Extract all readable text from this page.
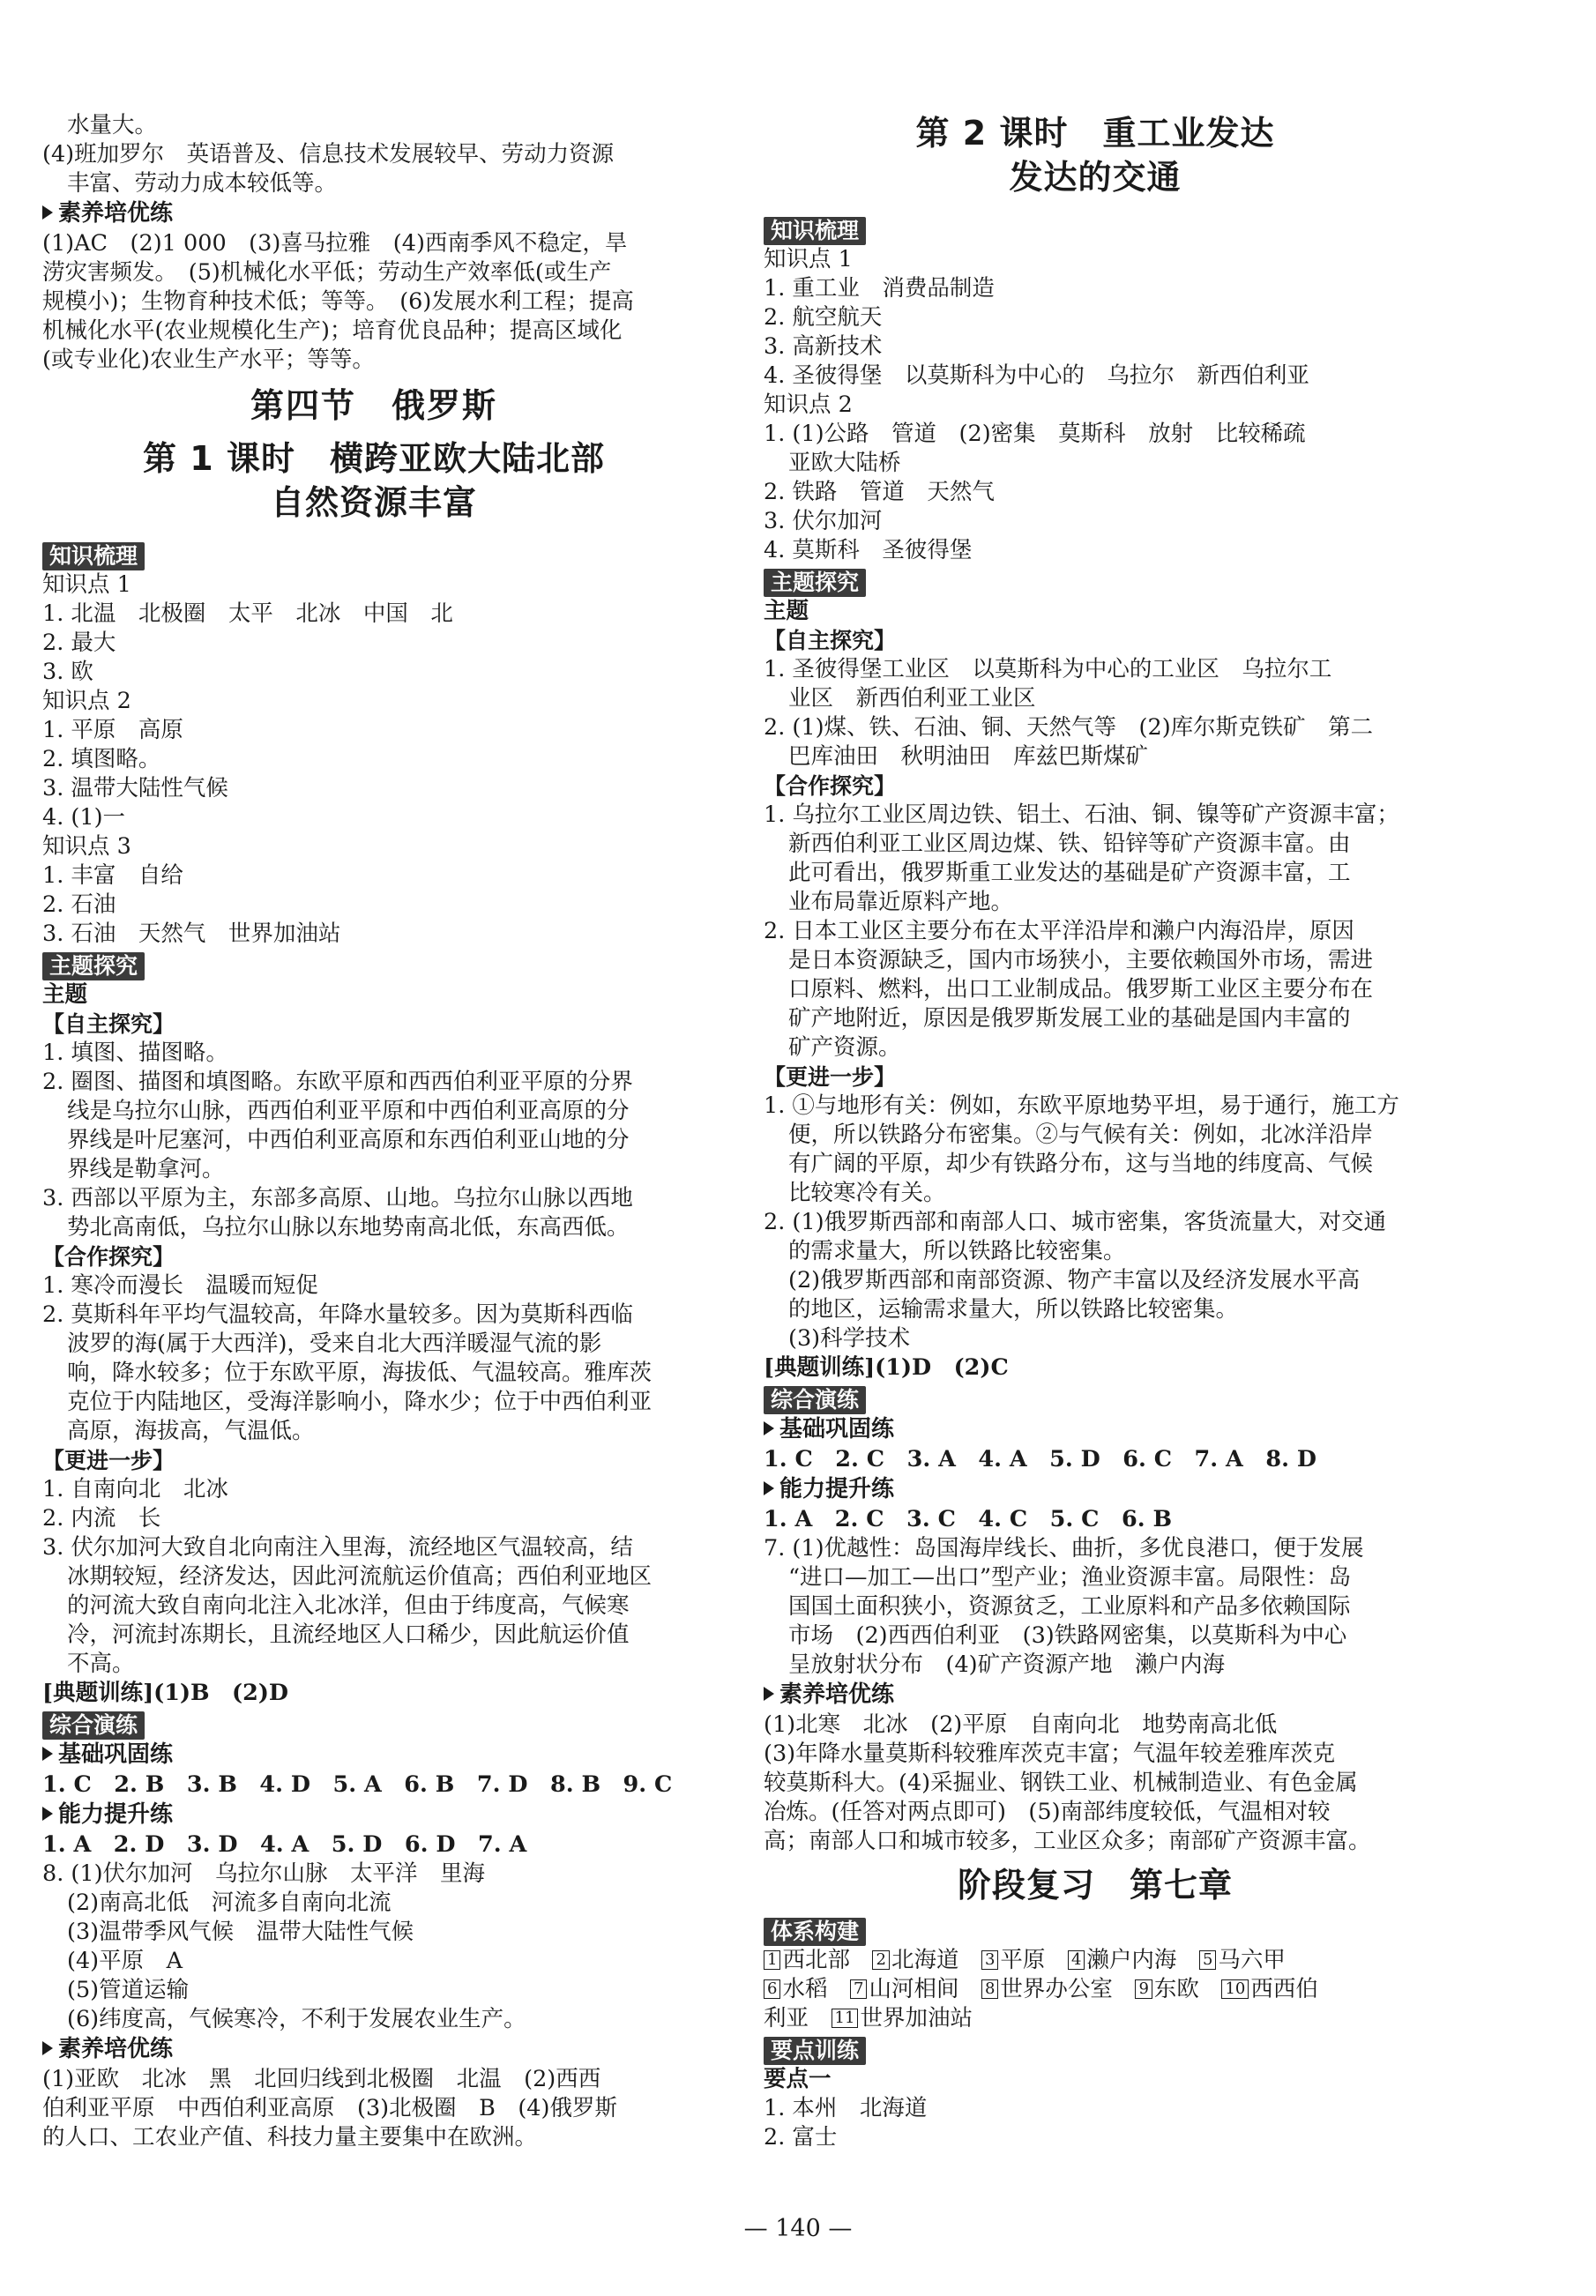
水量大。
(4)班加罗尔　英语普及、信息技术发展较早、劳动力资源
丰富、劳动力成本较低等。
素养培优练
(1)AC　(2)1 000　(3)喜马拉雅　(4)西南季风不稳定，旱
涝灾害频发。　(5)机械化水平低；劳动生产效率低(或生产
规模小)；生物育种技术低；等等。　(6)发展水利工程；提高
机械化水平(农业规模化生产)；培育优良品种；提高区域化
(或专业化)农业生产水平；等等。
第四节　俄罗斯
第 1 课时　横跨亚欧大陆北部
自然资源丰富
知识梳理
知识点 1
1. 北温　北极圈　太平　北冰　中国　北
2. 最大
3. 欧
知识点 2
1. 平原　高原
2. 填图略。
3. 温带大陆性气候
4. (1)一
知识点 3
1. 丰富　自给
2. 石油
3. 石油　天然气　世界加油站
主题探究
主题
【自主探究】
1. 填图、描图略。
2. 圈图、描图和填图略。东欧平原和西西伯利亚平原的分界
线是乌拉尔山脉，西西伯利亚平原和中西伯利亚高原的分
界线是叶尼塞河，中西伯利亚高原和东西伯利亚山地的分
界线是勒拿河。
3. 西部以平原为主，东部多高原、山地。乌拉尔山脉以西地
势北高南低，乌拉尔山脉以东地势南高北低，东高西低。
【合作探究】
1. 寒冷而漫长　温暖而短促
2. 莫斯科年平均气温较高，年降水量较多。因为莫斯科西临
波罗的海(属于大西洋)，受来自北大西洋暖湿气流的影
响，降水较多；位于东欧平原，海拔低、气温较高。雅库茨
克位于内陆地区，受海洋影响小，降水少；位于中西伯利亚
高原，海拔高，气温低。
【更进一步】
1. 自南向北　北冰
2. 内流　长
3. 伏尔加河大致自北向南注入里海，流经地区气温较高，结
冰期较短，经济发达，因此河流航运价值高；西伯利亚地区
的河流大致自南向北注入北冰洋，但由于纬度高，气候寒
冷，河流封冻期长，且流经地区人口稀少，因此航运价值
不高。
[典题训练](1)B　(2)D
综合演练
基础巩固练
1. C　2. B　3. B　4. D　5. A　6. B　7. D　8. B　9. C
能力提升练
1. A　2. D　3. D　4. A　5. D　6. D　7. A
8. (1)伏尔加河　乌拉尔山脉　太平洋　里海
(2)南高北低　河流多自南向北流
(3)温带季风气候　温带大陆性气候
(4)平原　A
(5)管道运输
(6)纬度高，气候寒冷，不利于发展农业生产。
素养培优练
(1)亚欧　北冰　黑　北回归线到北极圈　北温　(2)西西
伯利亚平原　中西伯利亚高原　(3)北极圈　B　(4)俄罗斯
的人口、工农业产值、科技力量主要集中在欧洲。
第 2 课时　重工业发达
发达的交通
知识梳理
知识点 1
1. 重工业　消费品制造
2. 航空航天
3. 高新技术
4. 圣彼得堡　以莫斯科为中心的　乌拉尔　新西伯利亚
知识点 2
1. (1)公路　管道　(2)密集　莫斯科　放射　比较稀疏
亚欧大陆桥
2. 铁路　管道　天然气
3. 伏尔加河
4. 莫斯科　圣彼得堡
主题探究
主题
【自主探究】
1. 圣彼得堡工业区　以莫斯科为中心的工业区　乌拉尔工
业区　新西伯利亚工业区
2. (1)煤、铁、石油、铜、天然气等　(2)库尔斯克铁矿　第二
巴库油田　秋明油田　库兹巴斯煤矿
【合作探究】
1. 乌拉尔工业区周边铁、铝土、石油、铜、镍等矿产资源丰富；
新西伯利亚工业区周边煤、铁、铅锌等矿产资源丰富。由
此可看出，俄罗斯重工业发达的基础是矿产资源丰富，工
业布局靠近原料产地。
2. 日本工业区主要分布在太平洋沿岸和濑户内海沿岸，原因
是日本资源缺乏，国内市场狭小，主要依赖国外市场，需进
口原料、燃料，出口工业制成品。俄罗斯工业区主要分布在
矿产地附近，原因是俄罗斯发展工业的基础是国内丰富的
矿产资源。
【更进一步】
1. ①与地形有关：例如，东欧平原地势平坦，易于通行，施工方
便，所以铁路分布密集。②与气候有关：例如，北冰洋沿岸
有广阔的平原，却少有铁路分布，这与当地的纬度高、气候
比较寒冷有关。
2. (1)俄罗斯西部和南部人口、城市密集，客货流量大，对交通
的需求量大，所以铁路比较密集。
(2)俄罗斯西部和南部资源、物产丰富以及经济发展水平高
的地区，运输需求量大，所以铁路比较密集。
(3)科学技术
[典题训练](1)D　(2)C
综合演练
基础巩固练
1. C　2. C　3. A　4. A　5. D　6. C　7. A　8. D
能力提升练
1. A　2. C　3. C　4. C　5. C　6. B
7. (1)优越性：岛国海岸线长、曲折，多优良港口，便于发展
“进口—加工—出口”型产业；渔业资源丰富。局限性：岛
国国土面积狭小，资源贫乏，工业原料和产品多依赖国际
市场　(2)西西伯利亚　(3)铁路网密集，以莫斯科为中心
呈放射状分布　(4)矿产资源产地　濑户内海
素养培优练
(1)北寒　北冰　(2)平原　自南向北　地势南高北低
(3)年降水量莫斯科较雅库茨克丰富；气温年较差雅库茨克
较莫斯科大。(4)采掘业、钢铁工业、机械制造业、有色金属
冶炼。(任答对两点即可)　(5)南部纬度较低，气温相对较
高；南部人口和城市较多，工业区众多；南部矿产资源丰富。
阶段复习　第七章
体系构建
1 西北部　 2 北海道　 3 平原　 4 濑户内海　 5 马六甲
6 水稻　 7 山河相间　 8 世界办公室　 9 东欧　 10 西西伯
利亚　 11 世界加油站
要点训练
要点一
1. 本州　北海道
2. 富士
— 140 —
